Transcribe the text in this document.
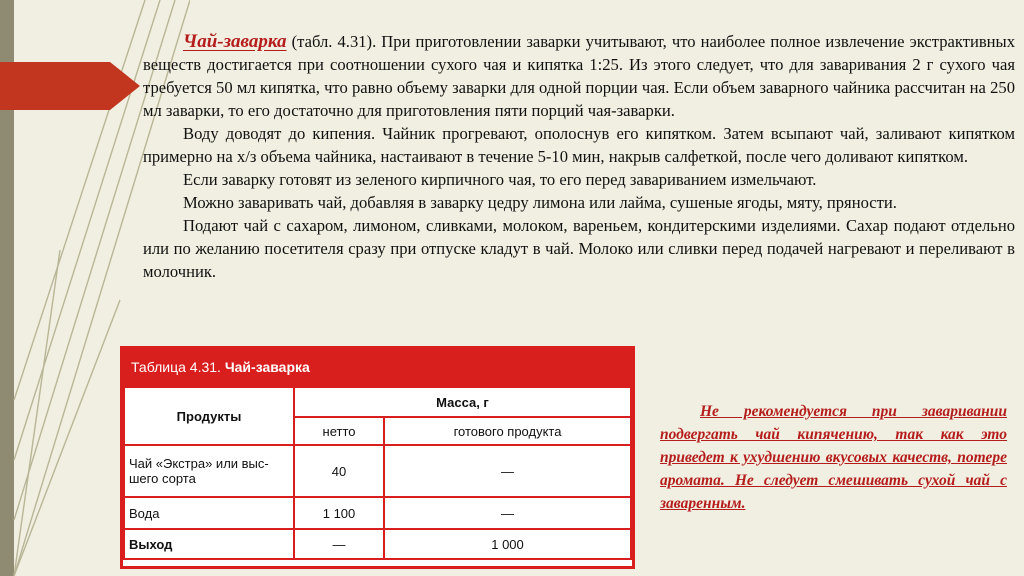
Чай-заварка (табл. 4.31). При приготовлении заварки учитывают, что наиболее полное извлечение экстрактивных веществ достигается при соотношении сухого чая и кипятка 1:25. Из этого следует, что для заваривания 2 г сухого чая требуется 50 мл кипятка, что равно объему заварки для одной порции чая. Если объем заварного чайника рассчитан на 250 мл заварки, то его достаточно для приготовления пяти порций чая-заварки.

Воду доводят до кипения. Чайник прогревают, ополоснув его кипятком. Затем всыпают чай, заливают кипятком примерно на х/з объема чайника, настаивают в течение 5-10 мин, накрыв салфеткой, после чего доливают кипятком.

Если заварку готовят из зеленого кирпичного чая, то его перед завариванием измельчают.

Можно заваривать чай, добавляя в заварку цедру лимона или лайма, сушеные ягоды, мяту, пряности.

Подают чай с сахаром, лимоном, сливками, молоком, вареньем, кондитерскими изделиями. Сахар подают отдельно или по желанию посетителя сразу при отпуске кладут в чай. Молоко или сливки перед подачей нагревают и переливают в молочник.

Таблица 4.31. Чай-заварка
Продукты	Масса, г	
	нетто	готового продукта
Чай «Экстра» или выс-шего сорта	40	—
Вода	1 100	—
Выход	—	1 000
Не рекомендуется при заваривании подвергать чай кипячению, так как это приведет к ухудшению вкусовых качеств, потере аромата. Не следует смешивать сухой чай с заваренным.
